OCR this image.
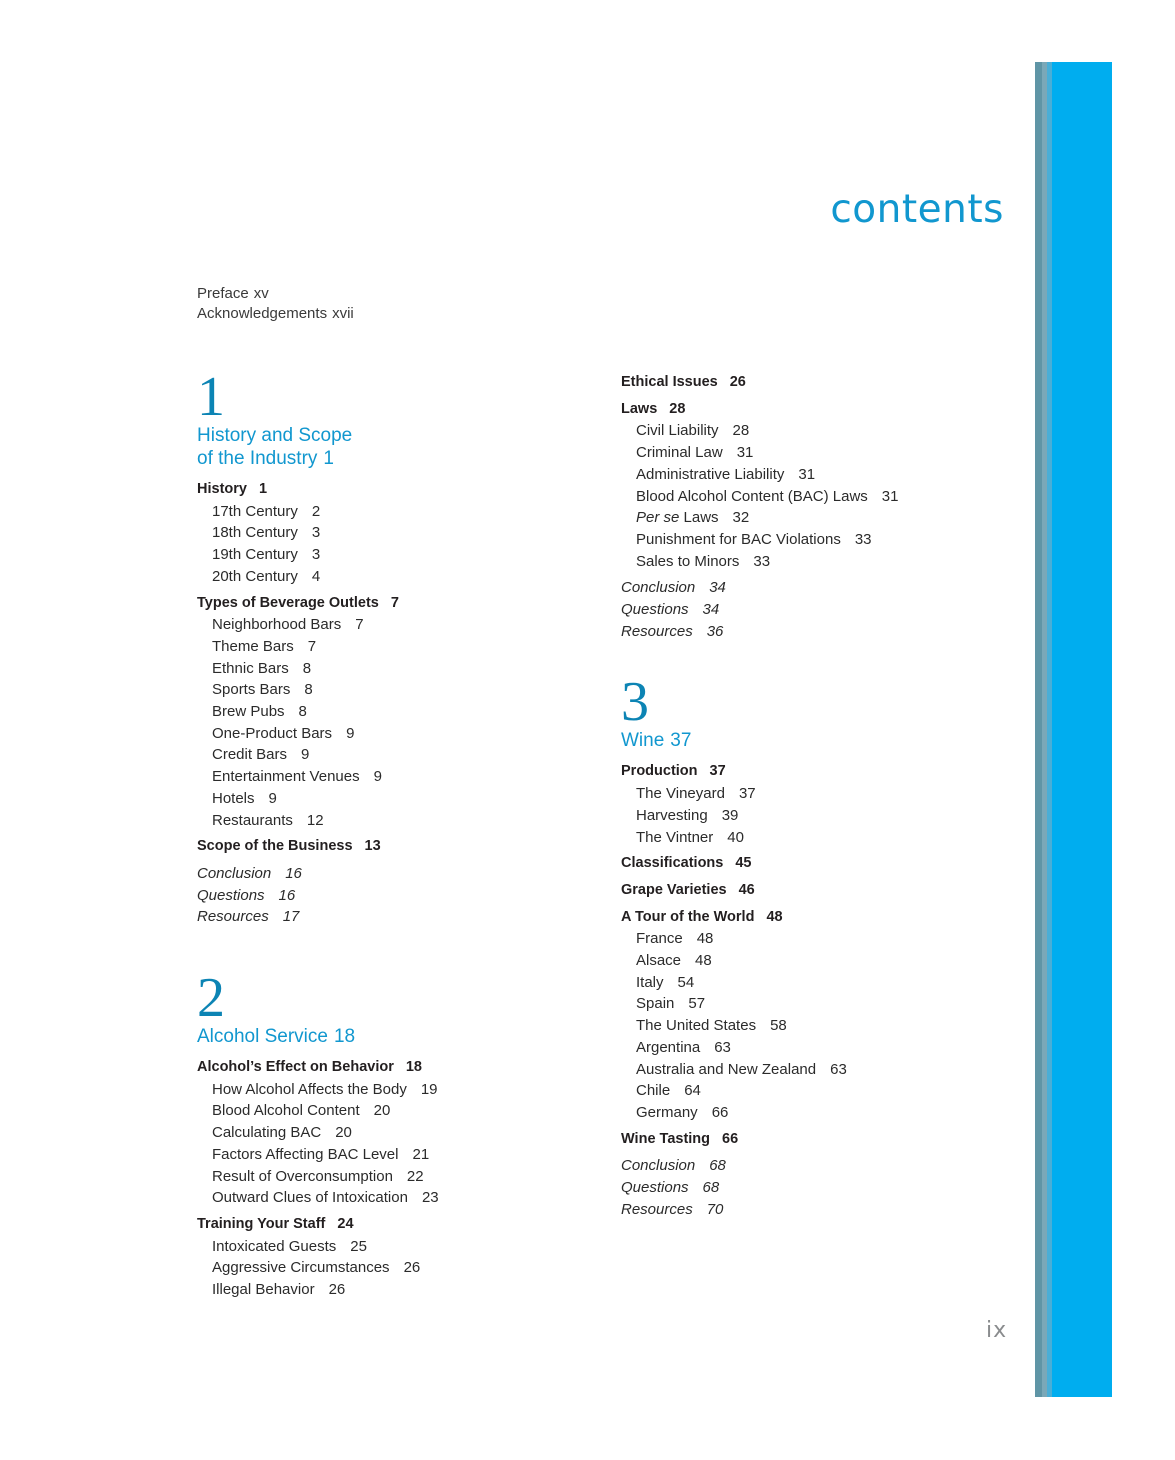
contents
Preface xv
Acknowledgements xvii
1
History and Scope
of the Industry 1
History 1
17th Century 2
18th Century 3
19th Century 3
20th Century 4
Types of Beverage Outlets 7
Neighborhood Bars 7
Theme Bars 7
Ethnic Bars 8
Sports Bars 8
Brew Pubs 8
One-Product Bars 9
Credit Bars 9
Entertainment Venues 9
Hotels 9
Restaurants 12
Scope of the Business 13
Conclusion 16
Questions 16
Resources 17
2
Alcohol Service 18
Alcohol’s Effect on Behavior 18
How Alcohol Affects the Body 19
Blood Alcohol Content 20
Calculating BAC 20
Factors Affecting BAC Level 21
Result of Overconsumption 22
Outward Clues of Intoxication 23
Training Your Staff 24
Intoxicated Guests 25
Aggressive Circumstances 26
Illegal Behavior 26
Ethical Issues 26
Laws 28
Civil Liability 28
Criminal Law 31
Administrative Liability 31
Blood Alcohol Content (BAC) Laws 31
Per se Laws 32
Punishment for BAC Violations 33
Sales to Minors 33
Conclusion 34
Questions 34
Resources 36
3
Wine 37
Production 37
The Vineyard 37
Harvesting 39
The Vintner 40
Classifications 45
Grape Varieties 46
A Tour of the World 48
France 48
Alsace 48
Italy 54
Spain 57
The United States 58
Argentina 63
Australia and New Zealand 63
Chile 64
Germany 66
Wine Tasting 66
Conclusion 68
Questions 68
Resources 70
ix
